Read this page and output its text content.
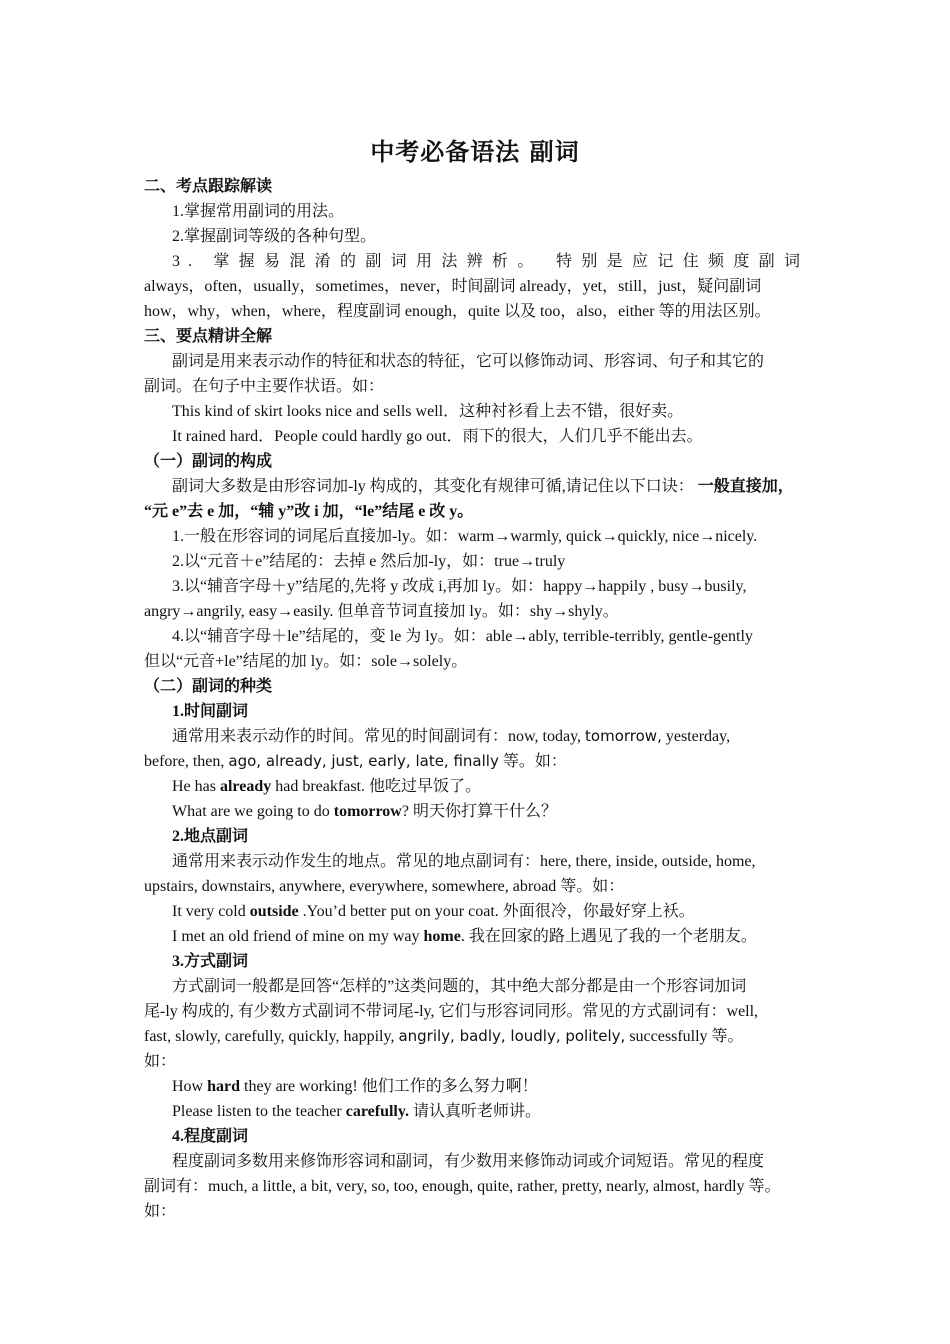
中考必备语法 副词
二、考点跟踪解读
1.掌握常用副词的用法。
2.掌握副词等级的各种句型。
3. 掌握易混淆的副词用法辨析。 特别是应记住频度副词
always，often，usually，sometimes，never，时间副词 already，yet，still，just，疑问副词
how，why，when，where，程度副词 enough，quite 以及 too，also，either 等的用法区别。
三、要点精讲全解
副词是用来表示动作的特征和状态的特征，它可以修饰动词、形容词、句子和其它的
副词。在句子中主要作状语。如：
This kind of skirt looks nice and sells well．这种衬衫看上去不错，很好卖。
It rained hard．People could hardly go out．雨下的很大，人们几乎不能出去。
（一）副词的构成
副词大多数是由形容词加-ly 构成的，其变化有规律可循,请记住以下口诀： 一般直接加，
“元 e”去 e 加，“辅 y”改 i 加，“le”结尾 e 改 y。
1.一般在形容词的词尾后直接加-ly。如：warm→warmly, quick→quickly, nice→nicely.
2.以“元音＋e”结尾的：去掉 e 然后加-ly，如：true→truly
3.以“辅音字母＋y”结尾的,先将 y 改成 i,再加 ly。如：happy→happily , busy→busily,
angry→angrily, easy→easily. 但单音节词直接加 ly。如：shy→shyly。
4.以“辅音字母＋le”结尾的，变 le 为 ly。如：able→ably, terrible-terribly, gentle-gently
但以“元音+le”结尾的加 ly。如：sole→solely。
（二）副词的种类
1.时间副词
通常用来表示动作的时间。常见的时间副词有：now, today, tomorrow, yesterday,
before, then, ago, already, just, early, late, finally 等。如：
He has already had breakfast. 他吃过早饭了。
What are we going to do tomorrow? 明天你打算干什么？
2.地点副词
通常用来表示动作发生的地点。常见的地点副词有：here, there, inside, outside, home,
upstairs, downstairs, anywhere, everywhere, somewhere, abroad 等。如：
It very cold outside .You’d better put on your coat. 外面很冷，你最好穿上袄。
I met an old friend of mine on my way home. 我在回家的路上遇见了我的一个老朋友。
3.方式副词
方式副词一般都是回答“怎样的”这类问题的，其中绝大部分都是由一个形容词加词
尾-ly 构成的, 有少数方式副词不带词尾-ly, 它们与形容词同形。常见的方式副词有：well,
fast, slowly, carefully, quickly, happily, angrily, badly, loudly, politely, successfully 等。
如：
How hard they are working! 他们工作的多么努力啊！
Please listen to the teacher carefully. 请认真听老师讲。
4.程度副词
程度副词多数用来修饰形容词和副词，有少数用来修饰动词或介词短语。常见的程度
副词有：much, a little, a bit, very, so, too, enough, quite, rather, pretty, nearly, almost, hardly 等。
如：
